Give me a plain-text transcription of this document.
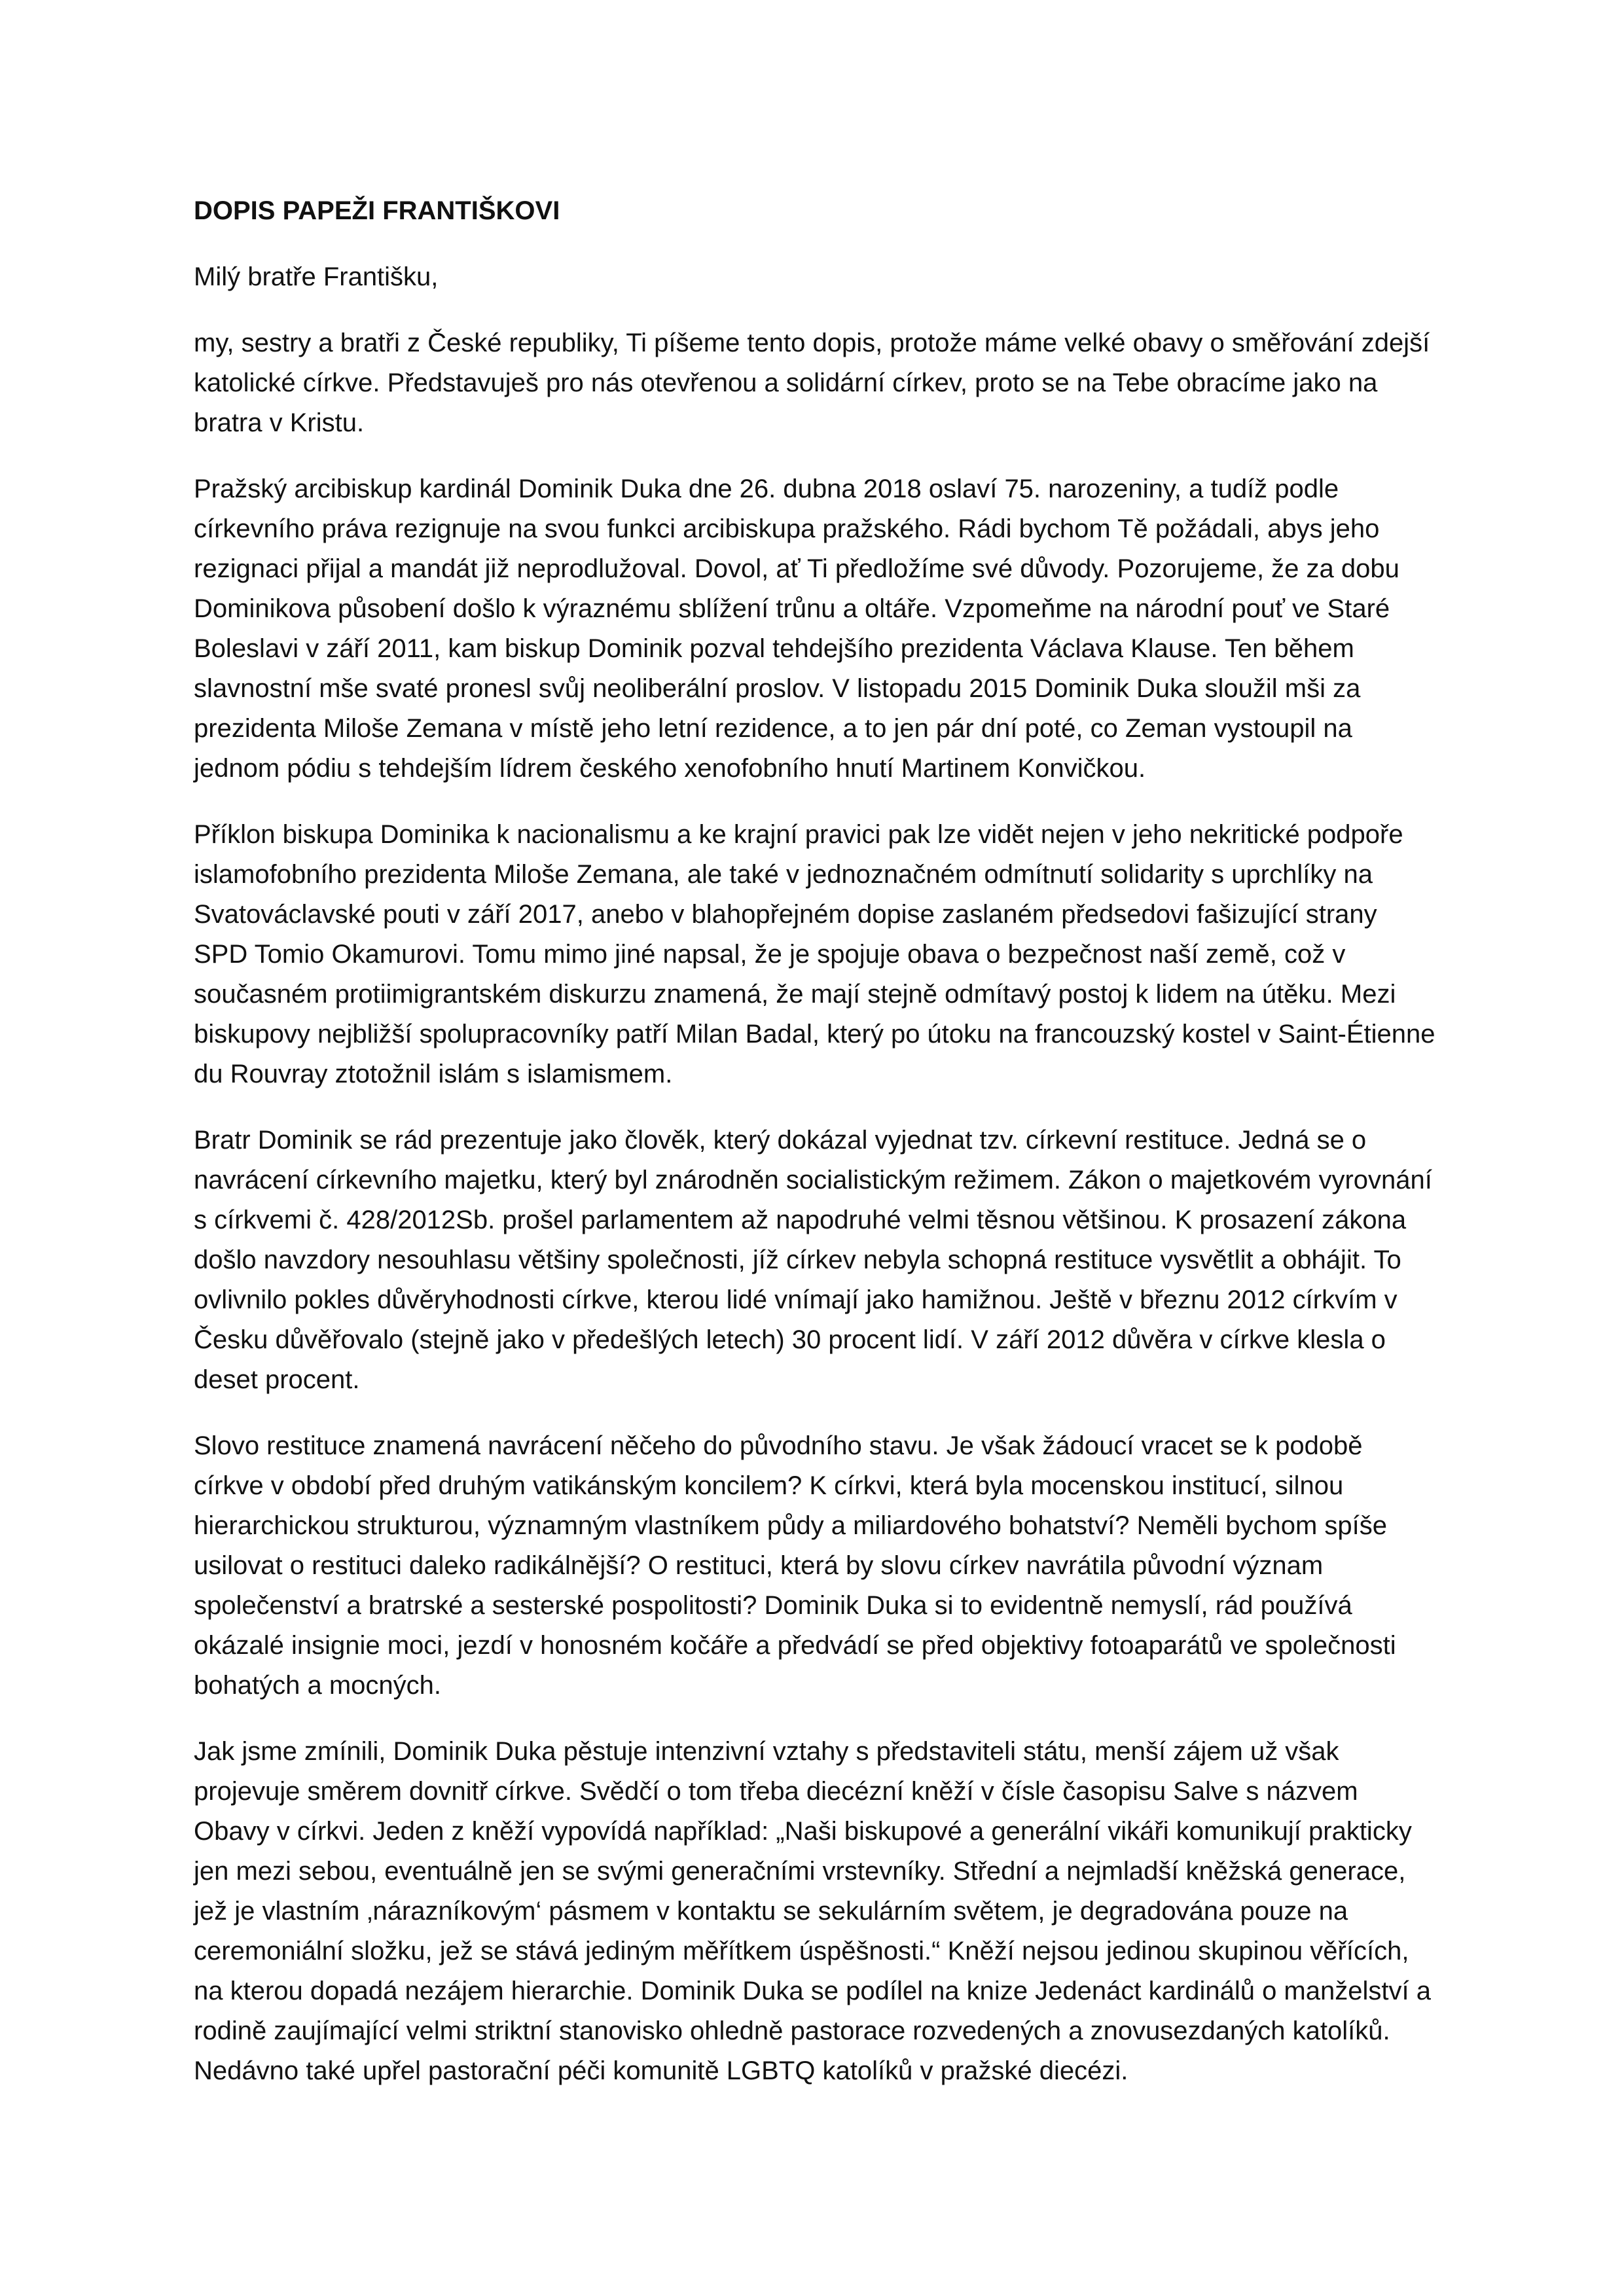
DOPIS PAPEŽI FRANTIŠKOVI
Milý bratře Františku,

my, sestry a bratři z České republiky, Ti píšeme tento dopis, protože máme velké obavy o směřování zdejší katolické církve. Představuješ pro nás otevřenou a solidární církev, proto se na Tebe obracíme jako na bratra v Kristu.

Pražský arcibiskup kardinál Dominik Duka dne 26. dubna 2018 oslaví 75. narozeniny, a tudíž podle církevního práva rezignuje na svou funkci arcibiskupa pražského. Rádi bychom Tě požádali, abys jeho rezignaci přijal a mandát již neprodlužoval. Dovol, ať Ti předložíme své důvody. Pozorujeme, že za dobu Dominikova působení došlo k výraznému sblížení trůnu a oltáře. Vzpomeňme na národní pouť ve Staré Boleslavi v září 2011, kam biskup Dominik pozval tehdejšího prezidenta Václava Klause. Ten během slavnostní mše svaté pronesl svůj neoliberální proslov. V listopadu 2015 Dominik Duka sloužil mši za prezidenta Miloše Zemana v místě jeho letní rezidence, a to jen pár dní poté, co Zeman vystoupil na jednom pódiu s tehdejším lídrem českého xenofobního hnutí Martinem Konvičkou.

Příklon biskupa Dominika k nacionalismu a ke krajní pravici pak lze vidět nejen v jeho nekritické podpoře islamofobního prezidenta Miloše Zemana, ale také v jednoznačném odmítnutí solidarity s uprchlíky na Svatováclavské pouti v září 2017, anebo v blahopřejném dopise zaslaném předsedovi fašizující strany SPD Tomio Okamurovi. Tomu mimo jiné napsal, že je spojuje obava o bezpečnost naší země, což v současném protiimigrantském diskurzu znamená, že mají stejně odmítavý postoj k lidem na útěku. Mezi biskupovy nejbližší spolupracovníky patří Milan Badal, který po útoku na francouzský kostel v Saint-Étienne du Rouvray ztotožnil islám s islamismem.

Bratr Dominik se rád prezentuje jako člověk, který dokázal vyjednat tzv. církevní restituce. Jedná se o navrácení církevního majetku, který byl znárodněn socialistickým režimem. Zákon o majetkovém vyrovnání s církvemi č. 428/2012Sb. prošel parlamentem až napodruhé velmi těsnou většinou. K prosazení zákona došlo navzdory nesouhlasu většiny společnosti, jíž církev nebyla schopná restituce vysvětlit a obhájit. To ovlivnilo pokles důvěryhodnosti církve, kterou lidé vnímají jako hamižnou. Ještě v březnu 2012 církvím v Česku důvěřovalo (stejně jako v předešlých letech) 30 procent lidí. V září 2012 důvěra v církve klesla o deset procent.

Slovo restituce znamená navrácení něčeho do původního stavu. Je však žádoucí vracet se k podobě církve v období před druhým vatikánským koncilem? K církvi, která byla mocenskou institucí, silnou hierarchickou strukturou, významným vlastníkem půdy a miliardového bohatství? Neměli bychom spíše usilovat o restituci daleko radikálnější? O restituci, která by slovu církev navrátila původní význam společenství a bratrské a sesterské pospolitosti? Dominik Duka si to evidentně nemyslí, rád používá okázalé insignie moci, jezdí v honosném kočáře a předvádí se před objektivy fotoaparátů ve společnosti bohatých a mocných.

Jak jsme zmínili, Dominik Duka pěstuje intenzivní vztahy s představiteli státu, menší zájem už však projevuje směrem dovnitř církve. Svědčí o tom třeba diecézní kněží v čísle časopisu Salve s názvem Obavy v církvi. Jeden z kněží vypovídá například: „Naši biskupové a generální vikáři komunikují prakticky jen mezi sebou, eventuálně jen se svými generačními vrstevníky. Střední a nejmladší kněžská generace, jež je vlastním ‚nárazníkovým‘ pásmem v kontaktu se sekulárním světem, je degradována pouze na ceremoniální složku, jež se stává jediným měřítkem úspěšnosti.“ Kněží nejsou jedinou skupinou věřících, na kterou dopadá nezájem hierarchie. Dominik Duka se podílel na knize Jedenáct kardinálů o manželství a rodině zaujímající velmi striktní stanovisko ohledně pastorace rozvedených a znovusezdaných katolíků. Nedávno také upřel pastorační péči komunitě LGBTQ katolíků v pražské diecézi.
